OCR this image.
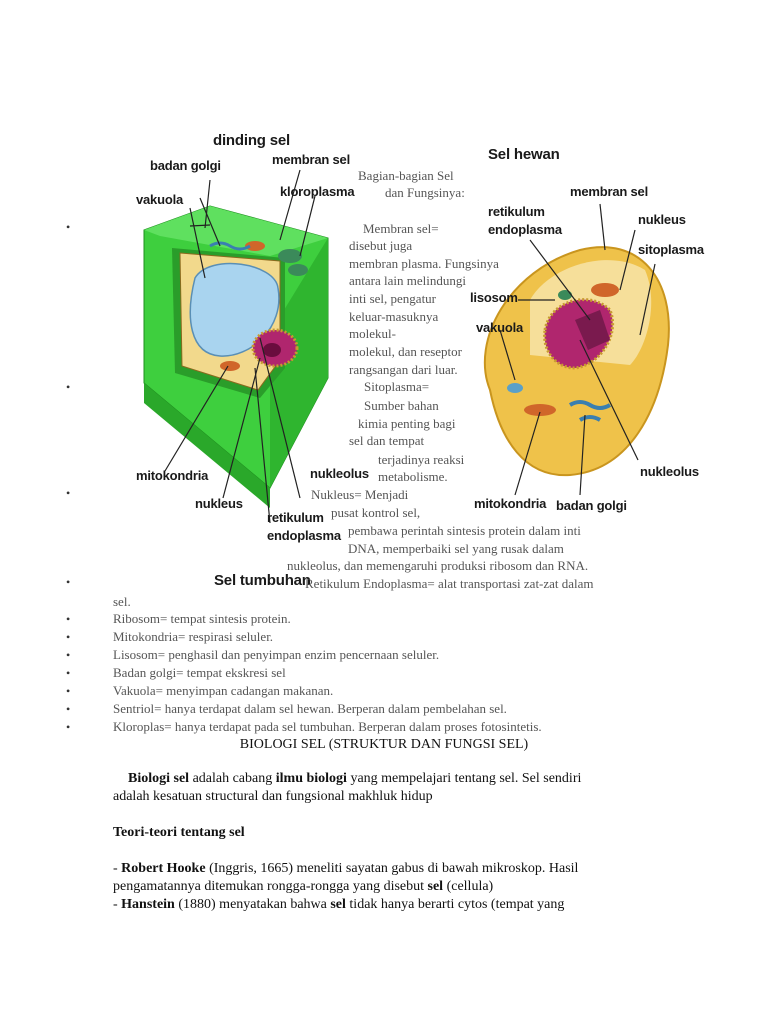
dinding sel
badan golgi	membran sel
vakuola
kloroplasma
mitokondria	nukleolus
nukleus
retikulum
endoplasma
Sel tumbuhan
Sel hewan
retikulum
endoplasma
membran sel
nukleus
sitoplasma
lisosom
vakuola
nukleolus
mitokondria badan golgi
Bagian-bagian Sel
dan Fungsinya:
Membran sel=
disebut juga
membran plasma. Fungsinya
antara lain melindungi
inti sel, pengatur
keluar-masuknya
molekul-
molekul, dan reseptor
rangsangan dari luar.
Sitoplasma=
Sumber bahan
kimia penting bagi
sel dan tempat
terjadinya reaksi
metabolisme.
Nukleus= Menjadi
pusat kontrol sel,
pembawa perintah sintesis protein dalam inti
DNA, memperbaiki sel yang rusak dalam
nukleolus, dan memengaruhi produksi ribosom dan RNA.
Retikulum Endoplasma= alat transportasi zat-zat dalam
sel.
•
•
•
•
•	Ribosom= tempat sintesis protein.
•	Mitokondria= respirasi seluler.
•	Lisosom= penghasil dan penyimpan enzim pencernaan seluler.
•	Badan golgi= tempat ekskresi sel
•	Vakuola= menyimpan cadangan makanan.
•	Sentriol= hanya terdapat dalam sel hewan. Berperan dalam pembelahan sel.
•	Kloroplas= hanya terdapat pada sel tumbuhan. Berperan dalam proses fotosintetis.
BIOLOGI SEL (STRUKTUR DAN FUNGSI SEL)
Biologi sel adalah cabang ilmu biologi yang mempelajari tentang sel. Sel sendiri
adalah kesatuan structural dan fungsional makhluk hidup
Teori-teori tentang sel
- Robert Hooke (Inggris, 1665) meneliti sayatan gabus di bawah mikroskop. Hasil
pengamatannya ditemukan rongga-rongga yang disebut sel (cellula)
- Hanstein (1880) menyatakan bahwa sel tidak hanya berarti cytos (tempat yang
